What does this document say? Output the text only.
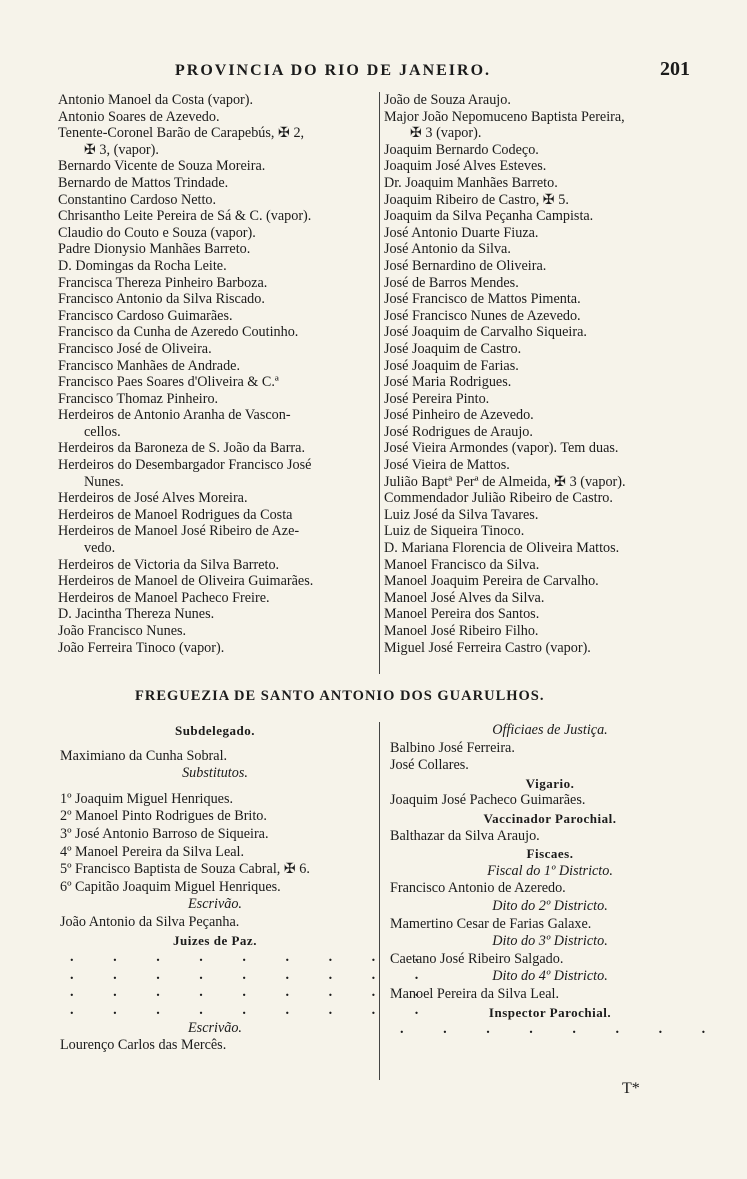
PROVINCIA DO RIO DE JANEIRO.	201
Antonio Manoel da Costa (vapor).
Antonio Soares de Azevedo.
Tenente-Coronel Barão de Carapebús, ✠ 2,
✠ 3, (vapor).
Bernardo Vicente de Souza Moreira.
Bernardo de Mattos Trindade.
Constantino Cardoso Netto.
Chrisantho Leite Pereira de Sá & C. (vapor).
Claudio do Couto e Souza (vapor).
Padre Dionysio Manhães Barreto.
D. Domingas da Rocha Leite.
Francisca Thereza Pinheiro Barboza.
Francisco Antonio da Silva Riscado.
Francisco Cardoso Guimarães.
Francisco da Cunha de Azeredo Coutinho.
Francisco José de Oliveira.
Francisco Manhães de Andrade.
Francisco Paes Soares d'Oliveira & C.ª
Francisco Thomaz Pinheiro.
Herdeiros de Antonio Aranha de Vascon-
cellos.
Herdeiros da Baroneza de S. João da Barra.
Herdeiros do Desembargador Francisco José
Nunes.
Herdeiros de José Alves Moreira.
Herdeiros de Manoel Rodrigues da Costa
Herdeiros de Manoel José Ribeiro de Aze-
vedo.
Herdeiros de Victoria da Silva Barreto.
Herdeiros de Manoel de Oliveira Guimarães.
Herdeiros de Manoel Pacheco Freire.
D. Jacintha Thereza Nunes.
João Francisco Nunes.
João Ferreira Tinoco (vapor).
João de Souza Araujo.
Major João Nepomuceno Baptista Pereira,
✠ 3 (vapor).
Joaquim Bernardo Codeço.
Joaquim José Alves Esteves.
Dr. Joaquim Manhães Barreto.
Joaquim Ribeiro de Castro, ✠ 5.
Joaquim da Silva Peçanha Campista.
José Antonio Duarte Fiuza.
José Antonio da Silva.
José Bernardino de Oliveira.
José de Barros Mendes.
José Francisco de Mattos Pimenta.
José Francisco Nunes de Azevedo.
José Joaquim de Carvalho Siqueira.
José Joaquim de Castro.
José Joaquim de Farias.
José Maria Rodrigues.
José Pereira Pinto.
José Pinheiro de Azevedo.
José Rodrigues de Araujo.
José Vieira Armondes (vapor). Tem duas.
José Vieira de Mattos.
Julião Baptª Perª de Almeida, ✠ 3 (vapor).
Commendador Julião Ribeiro de Castro.
Luiz José da Silva Tavares.
Luiz de Siqueira Tinoco.
D. Mariana Florencia de Oliveira Mattos.
Manoel Francisco da Silva.
Manoel Joaquim Pereira de Carvalho.
Manoel José Alves da Silva.
Manoel Pereira dos Santos.
Manoel José Ribeiro Filho.
Miguel José Ferreira Castro (vapor).
FREGUEZIA DE SANTO ANTONIO DOS GUARULHOS.
Subdelegado.
Maximiano da Cunha Sobral.
Substitutos.
1º Joaquim Miguel Henriques.
2º Manoel Pinto Rodrigues de Brito.
3º José Antonio Barroso de Siqueira.
4º Manoel Pereira da Silva Leal.
5º Francisco Baptista de Souza Cabral, ✠ 6.
6º Capitão Joaquim Miguel Henriques.
Escrivão.
João Antonio da Silva Peçanha.
Juizes de Paz.
. . . . . . . . .
. . . . . . . . .
. . . . . . . . .
. . . . . . . . .
Escrivão.
Lourenço Carlos das Mercês.
Officiaes de Justiça.
Balbino José Ferreira.
José Collares.
Vigario.
Joaquim José Pacheco Guimarães.
Vaccinador Parochial.
Balthazar da Silva Araujo.
Fiscaes.
Fiscal do 1º Districto.
Francisco Antonio de Azeredo.
Dito do 2º Districto.
Mamertino Cesar de Farias Galaxe.
Dito do 3º Districto.
Caetano José Ribeiro Salgado.
Dito do 4º Districto.
Manoel Pereira da Silva Leal.
Inspector Parochial.
. . . . . . . .
T*
